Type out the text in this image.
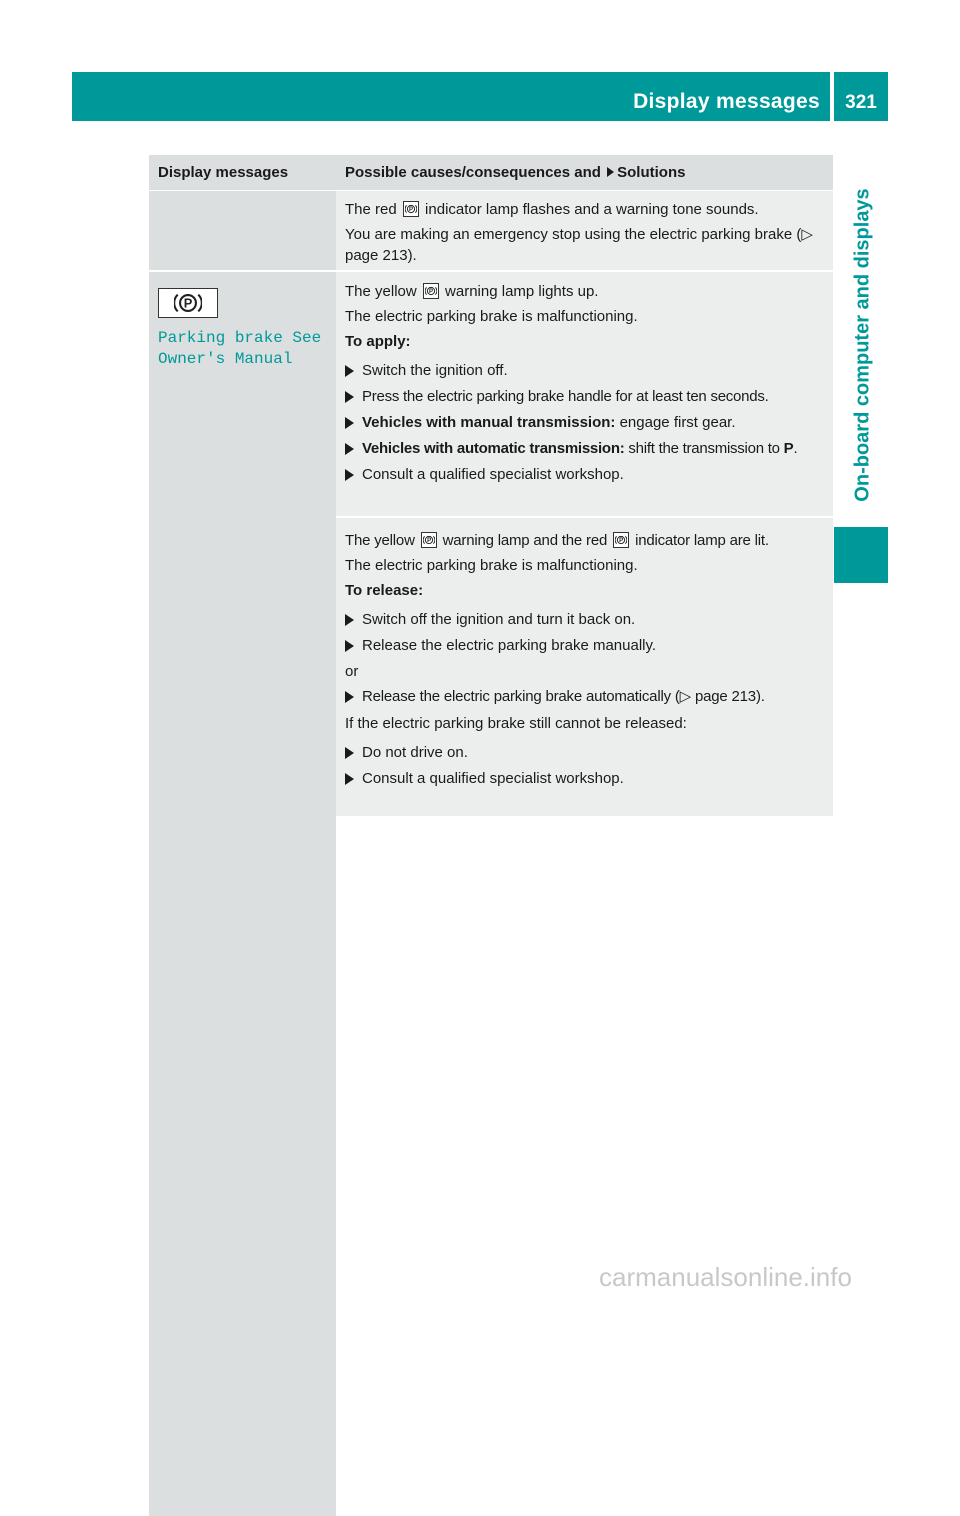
Display messages	321
On-board computer and displays
Display messages	Possible causes/consequences and Solutions

The red P indicator lamp flashes and a warning tone sounds.

You are making an emergency stop using the electric parking brake (▷ page 213).

P
Parking brake See
Owner's Manual

The yellow P warning lamp lights up.

The electric parking brake is malfunctioning.

To apply:

Switch the ignition off.

Press the electric parking brake handle for at least ten seconds.

Vehicles with manual transmission: engage first gear.

Vehicles with automatic transmission: shift the transmission to P.

Consult a qualified specialist workshop.

The yellow P warning lamp and the red P indicator lamp are lit.

The electric parking brake is malfunctioning.

To release:

Switch off the ignition and turn it back on.

Release the electric parking brake manually.

or

Release the electric parking brake automatically (▷ page 213).

If the electric parking brake still cannot be released:

Do not drive on.

Consult a qualified specialist workshop.

carmanualsonline.info
